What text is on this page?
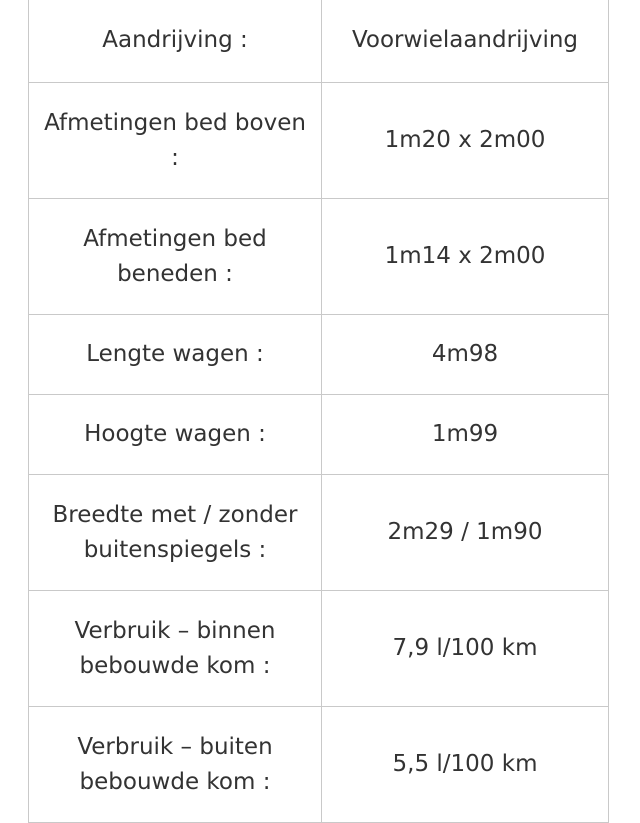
Aandrijving :	Voorwielaandrijving
Afmetingen bed boven :	1m20 x 2m00
Afmetingen bed beneden :	1m14 x 2m00
Lengte wagen :	4m98
Hoogte wagen :	1m99
Breedte met / zonder buitenspiegels :	2m29 / 1m90
Verbruik – binnen bebouwde kom :	7,9 l/100 km
Verbruik – buiten bebouwde kom :	5,5 l/100 km
